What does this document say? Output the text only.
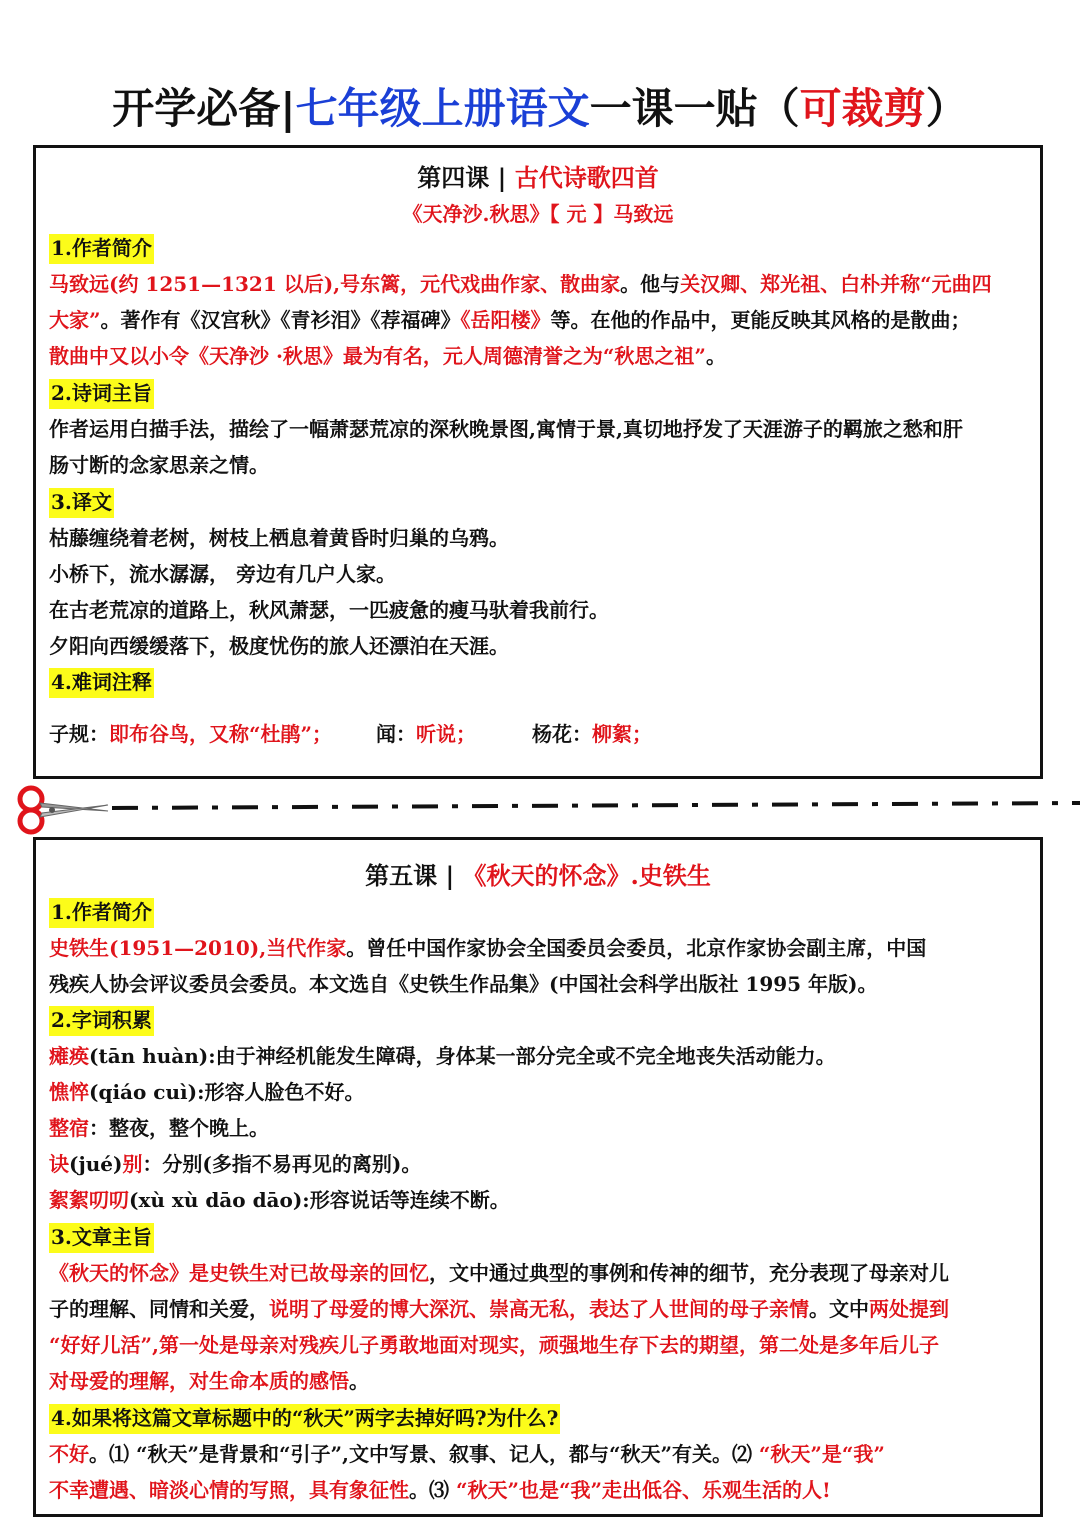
开学必备|七年级上册语文一课一贴（可裁剪）
第四课 | 古代诗歌四首
《天净沙.秋思》【 元 】马致远
1.作者简介
马致远(约 1251—1321 以后),号东篱，元代戏曲作家、散曲家。他与关汉卿、郑光祖、白朴并称“元曲四
大家”。著作有《汉宫秋》《青衫泪》《荐福碑》《岳阳楼》等。在他的作品中，更能反映其风格的是散曲；
散曲中又以小令《天净沙 ·秋思》最为有名，元人周德清誉之为“秋思之祖”。
2.诗词主旨
作者运用白描手法，描绘了一幅萧瑟荒凉的深秋晚景图,寓情于景,真切地抒发了天涯游子的羁旅之愁和肝
肠寸断的念家思亲之情。
3.译文
枯藤缠绕着老树，树枝上栖息着黄昏时归巢的乌鸦。
小桥下，流水潺潺， 旁边有几户人家。
在古老荒凉的道路上，秋风萧瑟，一匹疲惫的瘦马驮着我前行。
夕阳向西缓缓落下，极度忧伤的旅人还漂泊在天涯。
4.难词注释
子规：即布谷鸟，又称“杜鹃”； 闻：听说；	杨花：柳絮；
第五课 | 《秋天的怀念》.史铁生
1.作者简介
史铁生(1951—2010),当代作家。曾任中国作家协会全国委员会委员，北京作家协会副主席，中国
残疾人协会评议委员会委员。本文选自《史铁生作品集》(中国社会科学出版社 1995 年版)。
2.字词积累
瘫痪(tān huàn):由于神经机能发生障碍，身体某一部分完全或不完全地丧失活动能力。
憔悴(qiáo cuì):形容人脸色不好。
整宿：整夜，整个晚上。
诀(jué)别：分别(多指不易再见的离别)。
絮絮叨叨(xù xù dāo dāo):形容说话等连续不断。
3.文章主旨
《秋天的怀念》是史铁生对已故母亲的回忆，文中通过典型的事例和传神的细节，充分表现了母亲对儿
子的理解、同情和关爱，说明了母爱的博大深沉、崇高无私，表达了人世间的母子亲情。文中两处提到
“好好儿活”,第一处是母亲对残疾儿子勇敢地面对现实，顽强地生存下去的期望，第二处是多年后儿子
对母爱的理解，对生命本质的感悟。
4.如果将这篇文章标题中的“秋天”两字去掉好吗?为什么?
不好。⑴ “秋天”是背景和“引子”,文中写景、叙事、记人，都与“秋天”有关。⑵ “秋天”是“我”
不幸遭遇、暗淡心情的写照，具有象征性。⑶ “秋天”也是“我”走出低谷、乐观生活的人!
